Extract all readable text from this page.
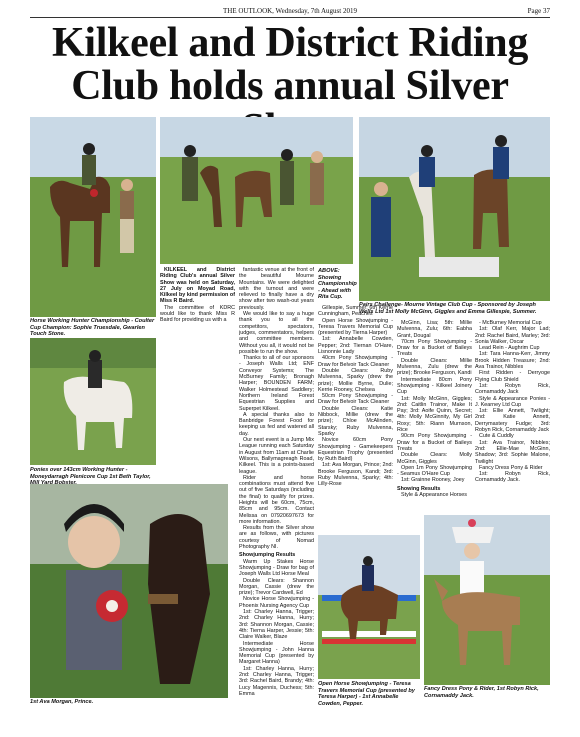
THE OUTLOOK, Wednesday, 7th August 2019	Page 37
Kilkeel and District Riding Club holds annual Silver
Horse Working Hunter Championship - Coulter Cup Champion: Sophie Truesdale, Gwarlen Touch Stone.
Pairs Challenge- Mourne Vintage Club Cup - Sponsored by Joseph Wells Ltd 1st Molly McGinn, Giggles and Emma Gillespie, Summer.
ABOVE: Showing Championship - Ahead with Rita Cup.
Ponies over 143cm Working Hunter - Moneydarragh Plenicore Cup 1st Beth Taylor,
1st Ava Morgan, Prince.
Open Horse Showjumping - Teresa Travers Memorial Cup (presented by Teresa Harper) - 1st Annabelle Cowden, Pepper.
Fancy Dress Pony & Rider, 1st Robyn Rick, Cornamaddy Jack.

KILKEEL and District Riding Club's annual Silver Show was held on Saturday, 27 July on Moyad Road, Kilkeel by kind permission of Miss R Baird.

The committee of KDRC would like to thank Miss R Baird for providing us with a

fantastic venue at the front of the beautiful Mourne Mountains. We were delighted with the turnout and were relieved to finally have a dry show after two wash-out years previously.

We would like to say a huge thank you to all the competitors, spectators, judges, commentators, helpers and committee members. Without you all, it would not be possible to run the show.

Thanks to all of our sponsors - Joseph Walls Ltd; ENF Conveyor Systems; The McBurney Family; Bronagh Harper; BOUNDEN FARM; Walker Holmestead Saddlery; Northern Ireland Forest Equestrian Supplies and Superpet Kilkeel.

A special thanks also to Banbridge Forest Food for keeping us fed and watered all day.

Our next event is a Jump Mix League running each Saturday in August from 11am at Charlie Wilsons, Ballymagreagh Road, Kilkeel. This is a points-based league.

Rider and horse combinations must attend five out of five Saturdays (including the final) to qualify for prizes. Heights will be 60cm, 75cm, 85cm and 95cm. Contact Melissa on 07920697673 for more information.

Results from the Silver show are as follows, with pictures courtesy of Nomad Photography NI.

Showjumping Results

Warm Up Stakes Horse Showjumping - Draw for bag of Joseph Walls Ltd Horse Meal

Double Clears: Shannon Morgan, Cassie (drew the prize); Trevor Cardwell, Ed

Novice Horse Showjumping - Phoenix Nursing Agency Cup

1st: Charley Hanna, Trigger; 2nd: Charley Hanna, Hurry; 3rd: Shannon Morgan, Cassie; 4th: Tierna Harper, Jessie; 5th: Claire Walker, Blaze

Intermediate Horse Showjumping - John Hanna Memorial Cup (presented by Margaret Hanna)

1st: Charley Hanna, Hurry; 2nd: Charley Hanna, Trigger; 3rd: Rachel Baird, Brandy; 4th: Lucy Magennis, Duchess; 5th: Emma

Gillespie, Summer; 6th Kerrie Cunningham, Peaches

Open Horse Showjumping - Teresa Travers Memorial Cup (presented by Tierna Harper)

1st: Annabelle Cowden, Pepper; 2nd: Tiernan O'Hare, Lisnonnie Lady

40cm Pony Showjumping - Draw for Belvoir Tack Cleaner

Double Clears: Ruby Mulvenna, Sparky (drew the prize); Mollie Byrne, Dulie; Kerrie Rooney, Chelsea

50cm Pony Showjumping - Draw for Belvoir Tack Cleaner

Double Clears: Katie Nibbock, Millie (drew the prize); Chloe McAlinden, Starsky; Ruby Mulvenna, Sparky

Novice 60cm Pony Showjumping - Gamekeepers Equestrian Trophy (presented by Ruth Baird)

1st: Ava Morgan, Prince; 2nd: Brooke Ferguson, Kandi; 3rd: Ruby Mulvenna, Sparky; 4th: Lilly-Rose

McGinn, Lisa; 5th: Millie Mulvenna, Zulu; 6th: Eabha Grant, Dougal

70cm Pony Showjumping - Draw for a Bucket of Baileys Treats

Double Clears: Millie Mulvenna, Zulu (drew the prize); Brooke Ferguson, Kandi

Intermediate 80cm Pony Showjumping - Kilkeel Joinery Cup

1st: Molly McGinn, Giggles; 2nd: Caitlin Trainor, Make It Pay; 3rd: Aoife Quinn, Secret; 4th: Molly McGinnity, My Girl Roxy; 5th: Riann Murnson, Rice

90cm Pony Showjumping - Draw for a Bucket of Baileys Treats

Double Clears: Molly McGinn, Giggles

Open 1m Pony Showjumping - Seamus O'Hare Cup

1st: Grainne Rooney, Joey

Showing Results

Style & Appearance Horses

- McBurney Memorial Cup

1st: Olaf Kerr, Major Lad; 2nd: Rachel Baird, Marley; 3rd: Sonia Walker, Oscar

Lead Rein - Aughrim Cup

1st: Tara Hanna-Kerr, Jimmy Brook Hidden Treasure; 2nd: Ava Trainor, Nibbles

First Ridden - Derryoge Flying Club Shield

1st: Robyn Rick, Cornamaddy Jack

Style & Appearance Ponies - J. Kearney Ltd Cup

1st: Ellie Annett, Twilight; 2nd: Katie Annett, Derrymastery Fudge; 3rd: Robyn Rick, Cornamaddy Jack

Cute & Cuddly

1st: Ava Trainor, Nibbles; 2nd: Ellie-Mae McGinn, Shadow; 3rd: Sophie Malone, Twilight

Fancy Dress Pony & Rider

1st: Robyn Rick, Cornamaddy Jack.
